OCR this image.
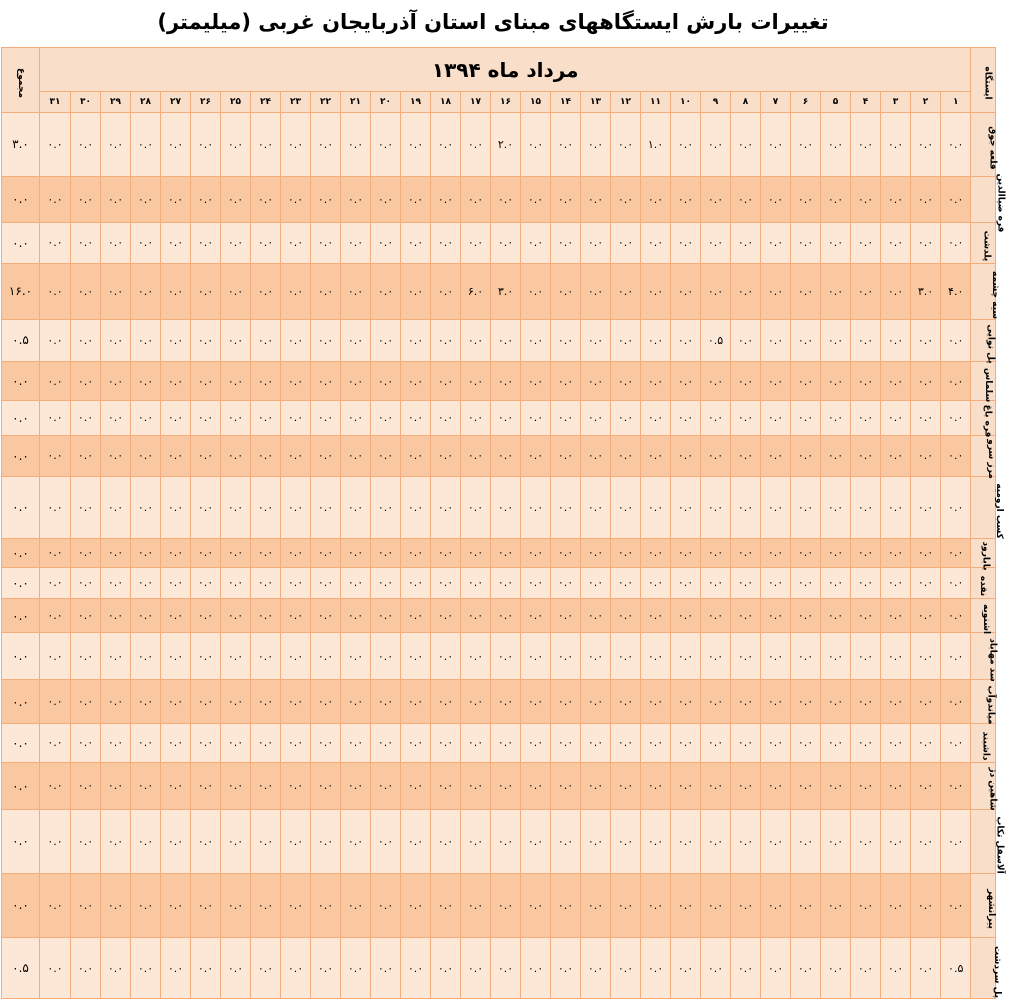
تغییرات بارش ایستگاههای مبنای استان آذربایجان غربی (میلیمتر)
مجموع	مرداد ماه ۱۳۹۴																															ایستگاه
	۳۱	۳۰	۲۹	۲۸	۲۷	۲۶	۲۵	۲۴	۲۳	۲۲	۲۱	۲۰	۱۹	۱۸	۱۷	۱۶	۱۵	۱۴	۱۳	۱۲	۱۱	۱۰	۹	۸	۷	۶	۵	۴	۳	۲	۱	
۳.۰	۰.۰	۰.۰	۰.۰	۰.۰	۰.۰	۰.۰	۰.۰	۰.۰	۰.۰	۰.۰	۰.۰	۰.۰	۰.۰	۰.۰	۰.۰	۲.۰	۰.۰	۰.۰	۰.۰	۰.۰	۱.۰	۰.۰	۰.۰	۰.۰	۰.۰	۰.۰	۰.۰	۰.۰	۰.۰	۰.۰	۰.۰	قلعه جوق
۰.۰	۰.۰	۰.۰	۰.۰	۰.۰	۰.۰	۰.۰	۰.۰	۰.۰	۰.۰	۰.۰	۰.۰	۰.۰	۰.۰	۰.۰	۰.۰	۰.۰	۰.۰	۰.۰	۰.۰	۰.۰	۰.۰	۰.۰	۰.۰	۰.۰	۰.۰	۰.۰	۰.۰	۰.۰	۰.۰	۰.۰	۰.۰	قره ضیاالدین
۰.۰	۰.۰	۰.۰	۰.۰	۰.۰	۰.۰	۰.۰	۰.۰	۰.۰	۰.۰	۰.۰	۰.۰	۰.۰	۰.۰	۰.۰	۰.۰	۰.۰	۰.۰	۰.۰	۰.۰	۰.۰	۰.۰	۰.۰	۰.۰	۰.۰	۰.۰	۰.۰	۰.۰	۰.۰	۰.۰	۰.۰	۰.۰	پلدشت
۱۶.۰	۰.۰	۰.۰	۰.۰	۰.۰	۰.۰	۰.۰	۰.۰	۰.۰	۰.۰	۰.۰	۰.۰	۰.۰	۰.۰	۰.۰	۶.۰	۳.۰	۰.۰	۰.۰	۰.۰	۰.۰	۰.۰	۰.۰	۰.۰	۰.۰	۰.۰	۰.۰	۰.۰	۰.۰	۰.۰	۳.۰	۴.۰	سیه چشمه
۰.۵	۰.۰	۰.۰	۰.۰	۰.۰	۰.۰	۰.۰	۰.۰	۰.۰	۰.۰	۰.۰	۰.۰	۰.۰	۰.۰	۰.۰	۰.۰	۰.۰	۰.۰	۰.۰	۰.۰	۰.۰	۰.۰	۰.۰	۰.۵	۰.۰	۰.۰	۰.۰	۰.۰	۰.۰	۰.۰	۰.۰	۰.۰	پل نوایی
۰.۰	۰.۰	۰.۰	۰.۰	۰.۰	۰.۰	۰.۰	۰.۰	۰.۰	۰.۰	۰.۰	۰.۰	۰.۰	۰.۰	۰.۰	۰.۰	۰.۰	۰.۰	۰.۰	۰.۰	۰.۰	۰.۰	۰.۰	۰.۰	۰.۰	۰.۰	۰.۰	۰.۰	۰.۰	۰.۰	۰.۰	۰.۰	سلماس
۰.۰	۰.۰	۰.۰	۰.۰	۰.۰	۰.۰	۰.۰	۰.۰	۰.۰	۰.۰	۰.۰	۰.۰	۰.۰	۰.۰	۰.۰	۰.۰	۰.۰	۰.۰	۰.۰	۰.۰	۰.۰	۰.۰	۰.۰	۰.۰	۰.۰	۰.۰	۰.۰	۰.۰	۰.۰	۰.۰	۰.۰	۰.۰	قره باغ
۰.۰	۰.۰	۰.۰	۰.۰	۰.۰	۰.۰	۰.۰	۰.۰	۰.۰	۰.۰	۰.۰	۰.۰	۰.۰	۰.۰	۰.۰	۰.۰	۰.۰	۰.۰	۰.۰	۰.۰	۰.۰	۰.۰	۰.۰	۰.۰	۰.۰	۰.۰	۰.۰	۰.۰	۰.۰	۰.۰	۰.۰	۰.۰	مرز سرو
۰.۰	۰.۰	۰.۰	۰.۰	۰.۰	۰.۰	۰.۰	۰.۰	۰.۰	۰.۰	۰.۰	۰.۰	۰.۰	۰.۰	۰.۰	۰.۰	۰.۰	۰.۰	۰.۰	۰.۰	۰.۰	۰.۰	۰.۰	۰.۰	۰.۰	۰.۰	۰.۰	۰.۰	۰.۰	۰.۰	۰.۰	۰.۰	کسب ارومیه
۰.۰	۰.۰	۰.۰	۰.۰	۰.۰	۰.۰	۰.۰	۰.۰	۰.۰	۰.۰	۰.۰	۰.۰	۰.۰	۰.۰	۰.۰	۰.۰	۰.۰	۰.۰	۰.۰	۰.۰	۰.۰	۰.۰	۰.۰	۰.۰	۰.۰	۰.۰	۰.۰	۰.۰	۰.۰	۰.۰	۰.۰	۰.۰	بابارود
۰.۰	۰.۰	۰.۰	۰.۰	۰.۰	۰.۰	۰.۰	۰.۰	۰.۰	۰.۰	۰.۰	۰.۰	۰.۰	۰.۰	۰.۰	۰.۰	۰.۰	۰.۰	۰.۰	۰.۰	۰.۰	۰.۰	۰.۰	۰.۰	۰.۰	۰.۰	۰.۰	۰.۰	۰.۰	۰.۰	۰.۰	۰.۰	نقده
۰.۰	۰.۰	۰.۰	۰.۰	۰.۰	۰.۰	۰.۰	۰.۰	۰.۰	۰.۰	۰.۰	۰.۰	۰.۰	۰.۰	۰.۰	۰.۰	۰.۰	۰.۰	۰.۰	۰.۰	۰.۰	۰.۰	۰.۰	۰.۰	۰.۰	۰.۰	۰.۰	۰.۰	۰.۰	۰.۰	۰.۰	۰.۰	اشنویه
۰.۰	۰.۰	۰.۰	۰.۰	۰.۰	۰.۰	۰.۰	۰.۰	۰.۰	۰.۰	۰.۰	۰.۰	۰.۰	۰.۰	۰.۰	۰.۰	۰.۰	۰.۰	۰.۰	۰.۰	۰.۰	۰.۰	۰.۰	۰.۰	۰.۰	۰.۰	۰.۰	۰.۰	۰.۰	۰.۰	۰.۰	۰.۰	سد مهاباد
۰.۰	۰.۰	۰.۰	۰.۰	۰.۰	۰.۰	۰.۰	۰.۰	۰.۰	۰.۰	۰.۰	۰.۰	۰.۰	۰.۰	۰.۰	۰.۰	۰.۰	۰.۰	۰.۰	۰.۰	۰.۰	۰.۰	۰.۰	۰.۰	۰.۰	۰.۰	۰.۰	۰.۰	۰.۰	۰.۰	۰.۰	۰.۰	میاندوآب
۰.۰	۰.۰	۰.۰	۰.۰	۰.۰	۰.۰	۰.۰	۰.۰	۰.۰	۰.۰	۰.۰	۰.۰	۰.۰	۰.۰	۰.۰	۰.۰	۰.۰	۰.۰	۰.۰	۰.۰	۰.۰	۰.۰	۰.۰	۰.۰	۰.۰	۰.۰	۰.۰	۰.۰	۰.۰	۰.۰	۰.۰	۰.۰	داشبند
۰.۰	۰.۰	۰.۰	۰.۰	۰.۰	۰.۰	۰.۰	۰.۰	۰.۰	۰.۰	۰.۰	۰.۰	۰.۰	۰.۰	۰.۰	۰.۰	۰.۰	۰.۰	۰.۰	۰.۰	۰.۰	۰.۰	۰.۰	۰.۰	۰.۰	۰.۰	۰.۰	۰.۰	۰.۰	۰.۰	۰.۰	۰.۰	شاهین دژ
۰.۰	۰.۰	۰.۰	۰.۰	۰.۰	۰.۰	۰.۰	۰.۰	۰.۰	۰.۰	۰.۰	۰.۰	۰.۰	۰.۰	۰.۰	۰.۰	۰.۰	۰.۰	۰.۰	۰.۰	۰.۰	۰.۰	۰.۰	۰.۰	۰.۰	۰.۰	۰.۰	۰.۰	۰.۰	۰.۰	۰.۰	۰.۰	آلاسقل تکاب
۰.۰	۰.۰	۰.۰	۰.۰	۰.۰	۰.۰	۰.۰	۰.۰	۰.۰	۰.۰	۰.۰	۰.۰	۰.۰	۰.۰	۰.۰	۰.۰	۰.۰	۰.۰	۰.۰	۰.۰	۰.۰	۰.۰	۰.۰	۰.۰	۰.۰	۰.۰	۰.۰	۰.۰	۰.۰	۰.۰	۰.۰	۰.۰	پیرانشهر
۰.۵	۰.۰	۰.۰	۰.۰	۰.۰	۰.۰	۰.۰	۰.۰	۰.۰	۰.۰	۰.۰	۰.۰	۰.۰	۰.۰	۰.۰	۰.۰	۰.۰	۰.۰	۰.۰	۰.۰	۰.۰	۰.۰	۰.۰	۰.۰	۰.۰	۰.۰	۰.۰	۰.۰	۰.۰	۰.۰	۰.۰	۰.۵	پل سردشت
